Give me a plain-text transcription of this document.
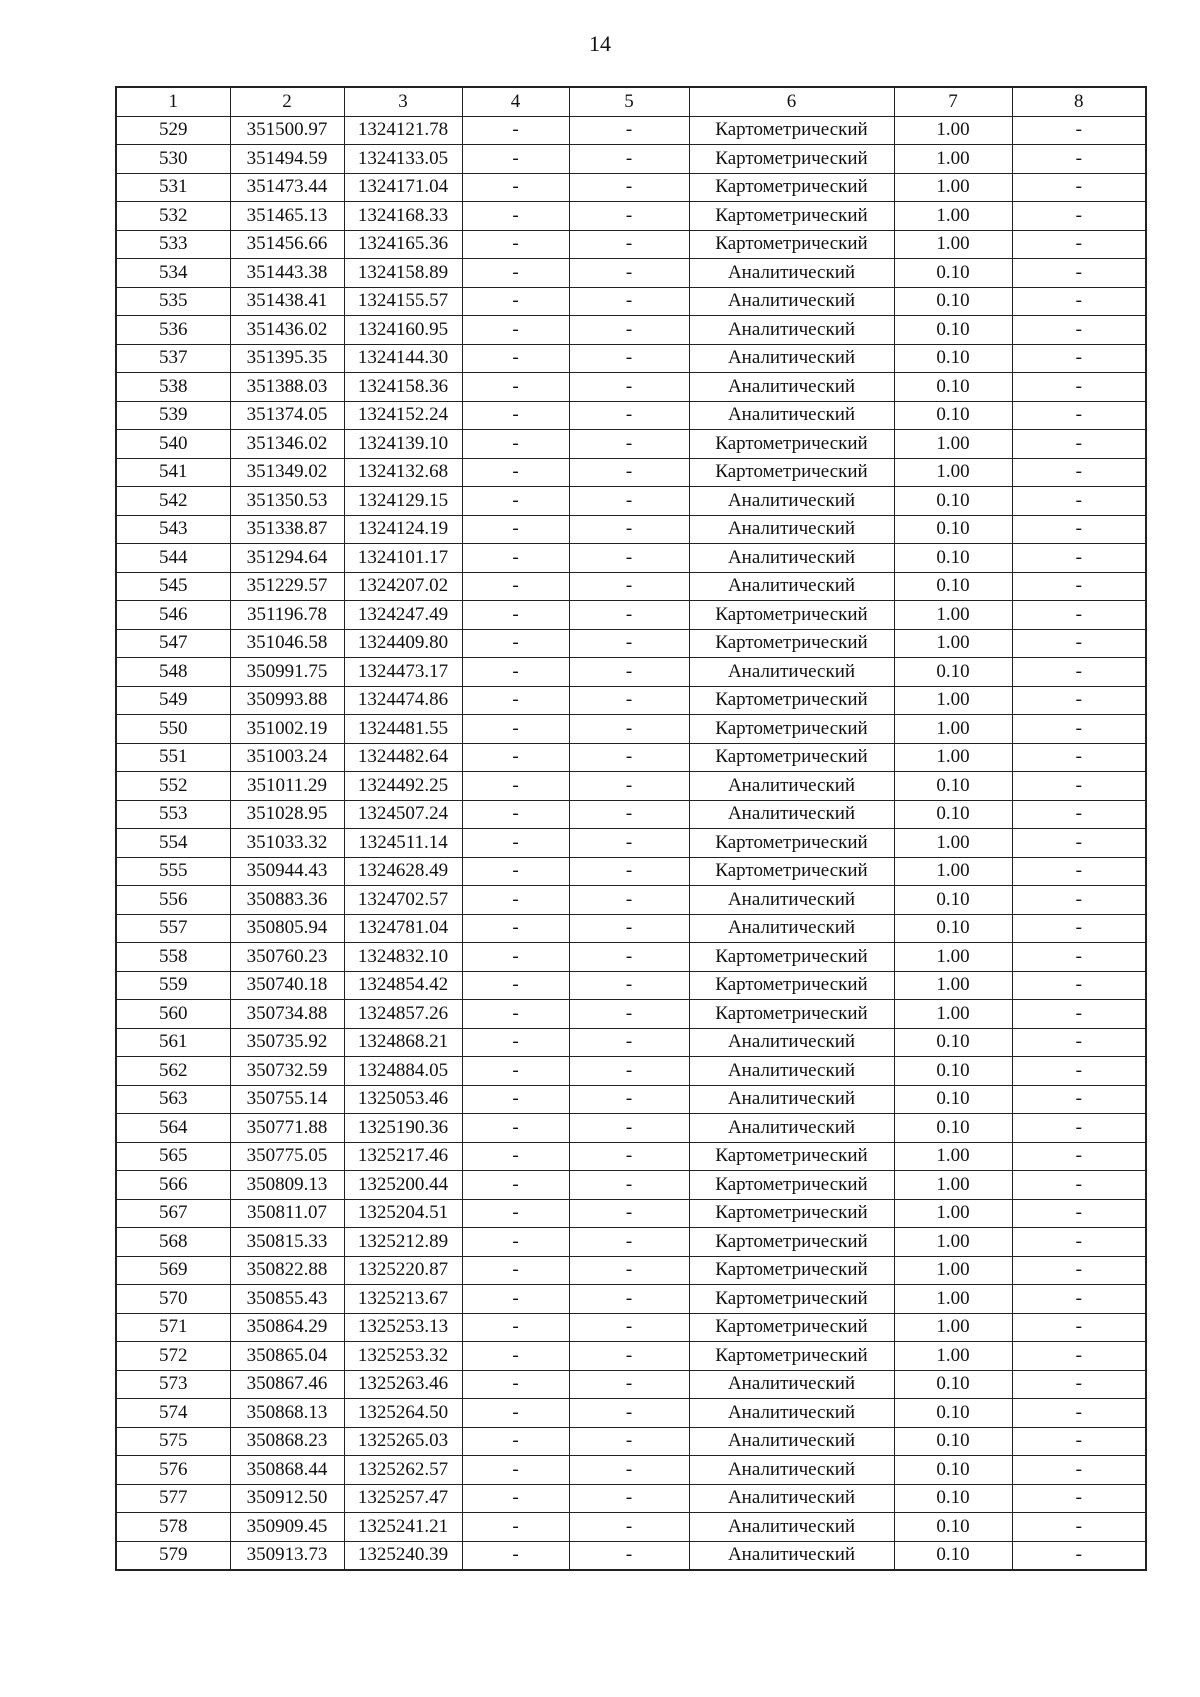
14
1	2	3	4	5	6	7	8
529	351500.97	1324121.78	-	-	Картометрический	1.00	-
530	351494.59	1324133.05	-	-	Картометрический	1.00	-
531	351473.44	1324171.04	-	-	Картометрический	1.00	-
532	351465.13	1324168.33	-	-	Картометрический	1.00	-
533	351456.66	1324165.36	-	-	Картометрический	1.00	-
534	351443.38	1324158.89	-	-	Аналитический	0.10	-
535	351438.41	1324155.57	-	-	Аналитический	0.10	-
536	351436.02	1324160.95	-	-	Аналитический	0.10	-
537	351395.35	1324144.30	-	-	Аналитический	0.10	-
538	351388.03	1324158.36	-	-	Аналитический	0.10	-
539	351374.05	1324152.24	-	-	Аналитический	0.10	-
540	351346.02	1324139.10	-	-	Картометрический	1.00	-
541	351349.02	1324132.68	-	-	Картометрический	1.00	-
542	351350.53	1324129.15	-	-	Аналитический	0.10	-
543	351338.87	1324124.19	-	-	Аналитический	0.10	-
544	351294.64	1324101.17	-	-	Аналитический	0.10	-
545	351229.57	1324207.02	-	-	Аналитический	0.10	-
546	351196.78	1324247.49	-	-	Картометрический	1.00	-
547	351046.58	1324409.80	-	-	Картометрический	1.00	-
548	350991.75	1324473.17	-	-	Аналитический	0.10	-
549	350993.88	1324474.86	-	-	Картометрический	1.00	-
550	351002.19	1324481.55	-	-	Картометрический	1.00	-
551	351003.24	1324482.64	-	-	Картометрический	1.00	-
552	351011.29	1324492.25	-	-	Аналитический	0.10	-
553	351028.95	1324507.24	-	-	Аналитический	0.10	-
554	351033.32	1324511.14	-	-	Картометрический	1.00	-
555	350944.43	1324628.49	-	-	Картометрический	1.00	-
556	350883.36	1324702.57	-	-	Аналитический	0.10	-
557	350805.94	1324781.04	-	-	Аналитический	0.10	-
558	350760.23	1324832.10	-	-	Картометрический	1.00	-
559	350740.18	1324854.42	-	-	Картометрический	1.00	-
560	350734.88	1324857.26	-	-	Картометрический	1.00	-
561	350735.92	1324868.21	-	-	Аналитический	0.10	-
562	350732.59	1324884.05	-	-	Аналитический	0.10	-
563	350755.14	1325053.46	-	-	Аналитический	0.10	-
564	350771.88	1325190.36	-	-	Аналитический	0.10	-
565	350775.05	1325217.46	-	-	Картометрический	1.00	-
566	350809.13	1325200.44	-	-	Картометрический	1.00	-
567	350811.07	1325204.51	-	-	Картометрический	1.00	-
568	350815.33	1325212.89	-	-	Картометрический	1.00	-
569	350822.88	1325220.87	-	-	Картометрический	1.00	-
570	350855.43	1325213.67	-	-	Картометрический	1.00	-
571	350864.29	1325253.13	-	-	Картометрический	1.00	-
572	350865.04	1325253.32	-	-	Картометрический	1.00	-
573	350867.46	1325263.46	-	-	Аналитический	0.10	-
574	350868.13	1325264.50	-	-	Аналитический	0.10	-
575	350868.23	1325265.03	-	-	Аналитический	0.10	-
576	350868.44	1325262.57	-	-	Аналитический	0.10	-
577	350912.50	1325257.47	-	-	Аналитический	0.10	-
578	350909.45	1325241.21	-	-	Аналитический	0.10	-
579	350913.73	1325240.39	-	-	Аналитический	0.10	-
